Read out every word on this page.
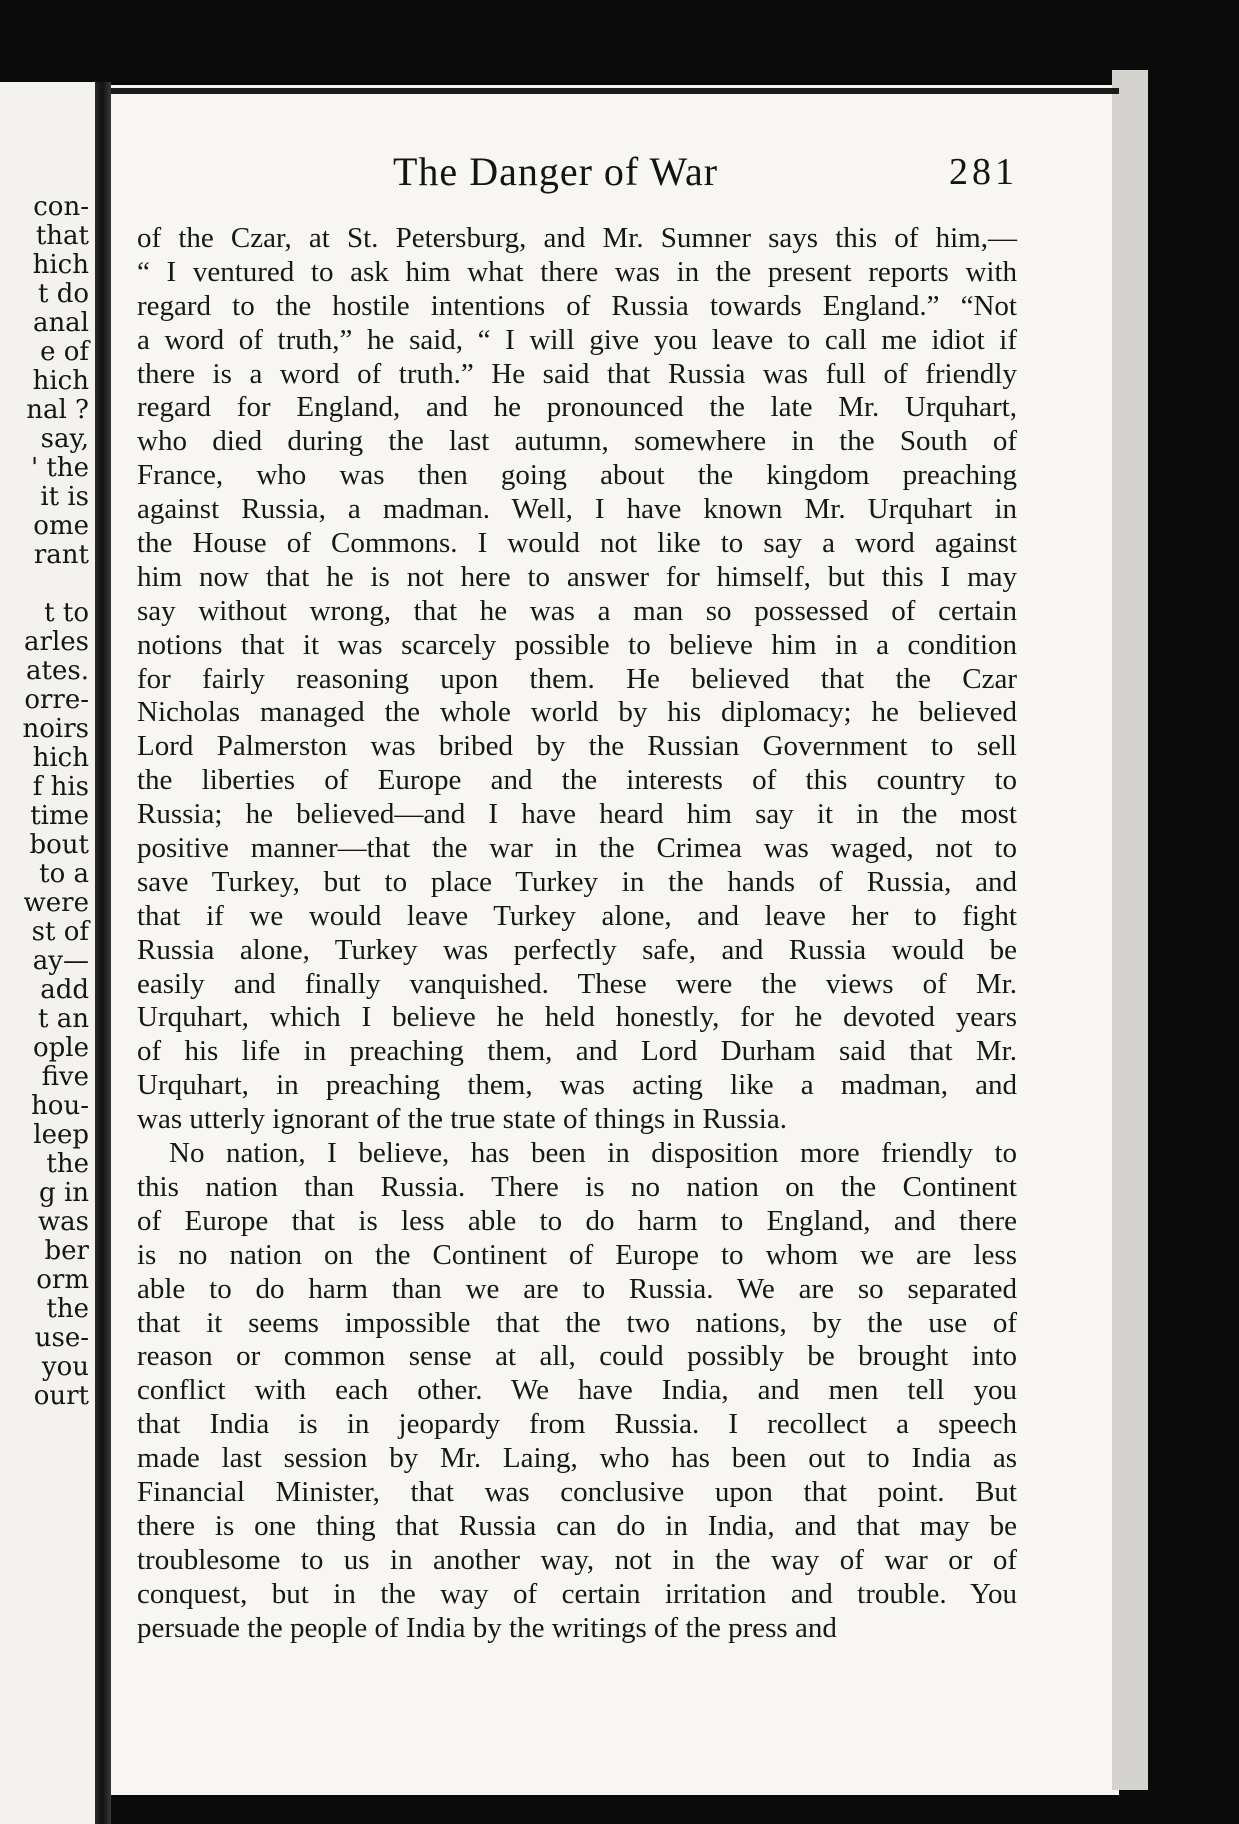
con-
that
hich
t do
anal
e of
hich
nal ?
say,
' the
it is
ome
rant
t to
arles
ates.
orre-
noirs
hich
f his
time
bout
to a
were
st of
ay—
add
t an
ople
five
hou-
leep
the
g in
was
ber
orm
the
use-
you
ourt
The Danger of War	281
of the Czar, at St. Petersburg, and Mr. Sumner says this of him,—
“ I ventured to ask him what there was in the present reports with
regard to the hostile intentions of Russia towards England.” “Not
a word of truth,” he said, “ I will give you leave to call me idiot if
there is a word of truth.” He said that Russia was full of friendly
regard for England, and he pronounced the late Mr. Urquhart,
who died during the last autumn, somewhere in the South of
France, who was then going about the kingdom preaching
against Russia, a madman. Well, I have known Mr. Urquhart in
the House of Commons. I would not like to say a word against
him now that he is not here to answer for himself, but this I may
say without wrong, that he was a man so possessed of certain
notions that it was scarcely possible to believe him in a condition
for fairly reasoning upon them. He believed that the Czar
Nicholas managed the whole world by his diplomacy; he believed
Lord Palmerston was bribed by the Russian Government to sell
the liberties of Europe and the interests of this country to
Russia; he believed—and I have heard him say it in the most
positive manner—that the war in the Crimea was waged, not to
save Turkey, but to place Turkey in the hands of Russia, and
that if we would leave Turkey alone, and leave her to fight
Russia alone, Turkey was perfectly safe, and Russia would be
easily and finally vanquished. These were the views of Mr.
Urquhart, which I believe he held honestly, for he devoted years
of his life in preaching them, and Lord Durham said that Mr.
Urquhart, in preaching them, was acting like a madman, and
was utterly ignorant of the true state of things in Russia.
No nation, I believe, has been in disposition more friendly to
this nation than Russia. There is no nation on the Continent
of Europe that is less able to do harm to England, and there
is no nation on the Continent of Europe to whom we are less
able to do harm than we are to Russia. We are so separated
that it seems impossible that the two nations, by the use of
reason or common sense at all, could possibly be brought into
conflict with each other. We have India, and men tell you
that India is in jeopardy from Russia. I recollect a speech
made last session by Mr. Laing, who has been out to India as
Financial Minister, that was conclusive upon that point. But
there is one thing that Russia can do in India, and that may be
troublesome to us in another way, not in the way of war or of
conquest, but in the way of certain irritation and trouble. You
persuade the people of India by the writings of the press and
